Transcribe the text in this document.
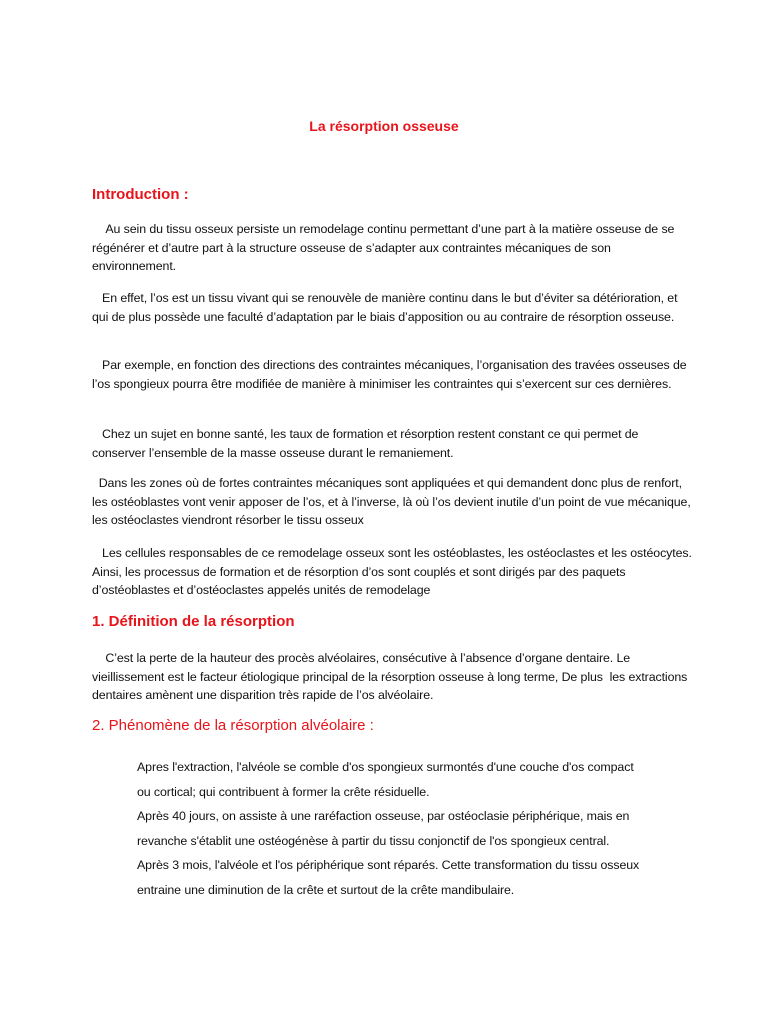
La résorption osseuse
Introduction :

Au sein du tissu osseux persiste un remodelage continu permettant d’une part à la matière osseuse de se régénérer et d’autre part à la structure osseuse de s’adapter aux contraintes mécaniques de son environnement.

En effet, l’os est un tissu vivant qui se renouvèle de manière continu dans le but d’éviter sa détérioration, et qui de plus possède une faculté d’adaptation par le biais d’apposition ou au contraire de résorption osseuse.

Par exemple, en fonction des directions des contraintes mécaniques, l’organisation des travées osseuses de l’os spongieux pourra être modifiée de manière à minimiser les contraintes qui s’exercent sur ces dernières.

Chez un sujet en bonne santé, les taux de formation et résorption restent constant ce qui permet de conserver l’ensemble de la masse osseuse durant le remaniement.

Dans les zones où de fortes contraintes mécaniques sont appliquées et qui demandent donc plus de renfort, les ostéoblastes vont venir apposer de l’os, et à l’inverse, là où l’os devient inutile d’un point de vue mécanique, les ostéoclastes viendront résorber le tissu osseux

Les cellules responsables de ce remodelage osseux sont les ostéoblastes, les ostéoclastes et les ostéocytes. Ainsi, les processus de formation et de résorption d’os sont couplés et sont dirigés par des paquets d’ostéoblastes et d’ostéoclastes appelés unités de remodelage

1. Définition de la résorption

C’est la perte de la hauteur des procès alvéolaires, consécutive à l’absence d’organe dentaire. Le vieillissement est le facteur étiologique principal de la résorption osseuse à long terme, De plus  les extractions dentaires amènent une disparition très rapide de l’os alvéolaire.

2. Phénomène de la résorption alvéolaire :

Apres l'extraction, l'alvéole se comble d'os spongieux surmontés d'une couche d'os compact

ou cortical; qui contribuent à former la crête résiduelle.

Après 40 jours, on assiste à une raréfaction osseuse, par ostéoclasie périphérique, mais en

revanche s'établit une ostéogénèse à partir du tissu conjonctif de l'os spongieux central.

Après 3 mois, l'alvéole et l'os périphérique sont réparés. Cette transformation du tissu osseux

entraine une diminution de la crête et surtout de la crête mandibulaire.
